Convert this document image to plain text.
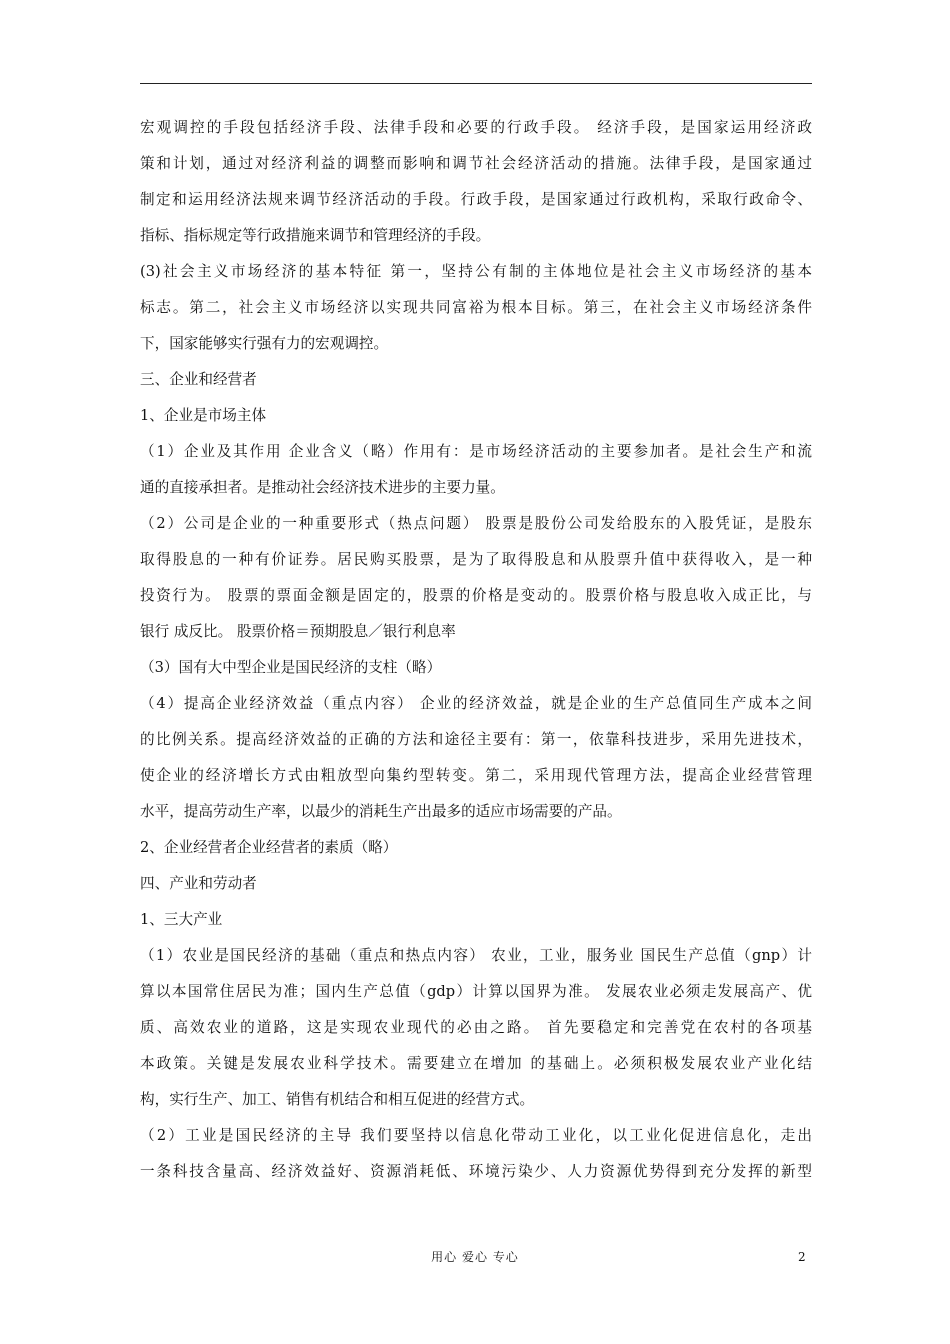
宏观调控的手段包括经济手段、法律手段和必要的行政手段。 经济手段，是国家运用经济政
策和计划，通过对经济利益的调整而影响和调节社会经济活动的措施。法律手段，是国家通过
制定和运用经济法规来调节经济活动的手段。行政手段，是国家通过行政机构，采取行政命令、
指标、指标规定等行政措施来调节和管理经济的手段。
(3)社会主义市场经济的基本特征 第一，坚持公有制的主体地位是社会主义市场经济的基本
标志。第二，社会主义市场经济以实现共同富裕为根本目标。第三，在社会主义市场经济条件
下，国家能够实行强有力的宏观调控。
三、企业和经营者
1、企业是市场主体
（1）企业及其作用 企业含义（略）作用有：是市场经济活动的主要参加者。是社会生产和流
通的直接承担者。是推动社会经济技术进步的主要力量。
（2）公司是企业的一种重要形式（热点问题） 股票是股份公司发给股东的入股凭证，是股东
取得股息的一种有价证券。居民购买股票，是为了取得股息和从股票升值中获得收入，是一种
投资行为。 股票的票面金额是固定的，股票的价格是变动的。股票价格与股息收入成正比，与
银行 成反比。 股票价格＝预期股息／银行利息率
（3）国有大中型企业是国民经济的支柱（略）
（4）提高企业经济效益（重点内容） 企业的经济效益，就是企业的生产总值同生产成本之间
的比例关系。提高经济效益的正确的方法和途径主要有：第一，依靠科技进步，采用先进技术，
使企业的经济增长方式由粗放型向集约型转变。第二，采用现代管理方法，提高企业经营管理
水平，提高劳动生产率，以最少的消耗生产出最多的适应市场需要的产品。
2、企业经营者企业经营者的素质（略）
四、产业和劳动者
1、三大产业
（1）农业是国民经济的基础（重点和热点内容） 农业，工业，服务业 国民生产总值（gnp）计
算以本国常住居民为准；国内生产总值（gdp）计算以国界为准。 发展农业必须走发展高产、优
质、高效农业的道路，这是实现农业现代的必由之路。 首先要稳定和完善党在农村的各项基
本政策。关键是发展农业科学技术。需要建立在增加 的基础上。必须积极发展农业产业化结
构，实行生产、加工、销售有机结合和相互促进的经营方式。
（2）工业是国民经济的主导 我们要坚持以信息化带动工业化，以工业化促进信息化，走出
一条科技含量高、经济效益好、资源消耗低、环境污染少、人力资源优势得到充分发挥的新型
用心 爱心 专心	2
